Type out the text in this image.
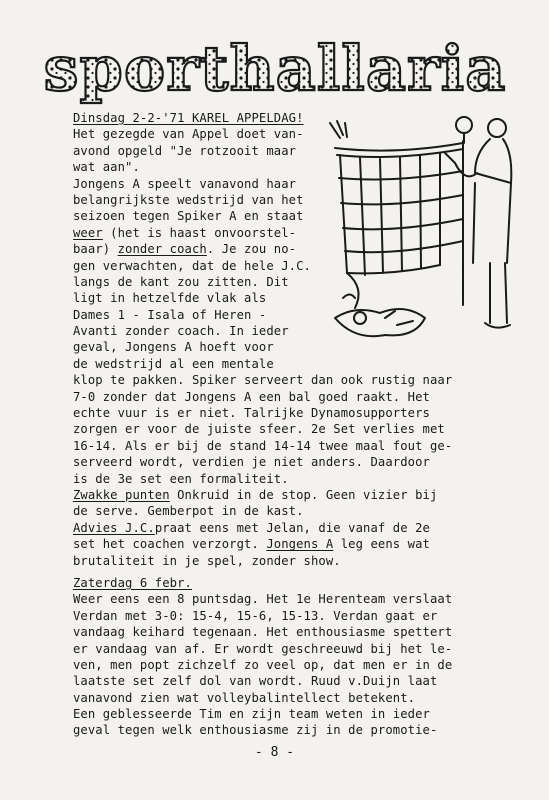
sporthallaria
Dinsdag 2-2-'71 KAREL APPELDAG!
Het gezegde van Appel doet van-
avond opgeld "Je rotzooit maar
wat aan".
Jongens A speelt vanavond haar
belangrijkste wedstrijd van het
seizoen tegen Spiker A en staat
weer (het is haast onvoorstel-
baar) zonder coach. Je zou no-
gen verwachten, dat de hele J.C.
langs de kant zou zitten. Dit
ligt in hetzelfde vlak als
Dames 1 - Isala of Heren -
Avanti zonder coach. In ieder
geval, Jongens A hoeft voor
de wedstrijd al een mentale
klop te pakken. Spiker serveert dan ook rustig naar
7-0 zonder dat Jongens A een bal goed raakt. Het
echte vuur is er niet. Talrijke Dynamosupporters
zorgen er voor de juiste sfeer. 2e Set verlies met
16-14. Als er bij de stand 14-14 twee maal fout ge-
serveerd wordt, verdien je niet anders. Daardoor
is de 3e set een formaliteit.
Zwakke punten Onkruid in de stop. Geen vizier bij
de serve. Gemberpot in de kast.
Advies J.C.praat eens met Jelan, die vanaf de 2e
set het coachen verzorgt. Jongens A leg eens wat
brutaliteit in je spel, zonder show.
Zaterdag 6 febr.
Weer eens een 8 puntsdag. Het 1e Herenteam verslaat
Verdan met 3-0: 15-4, 15-6, 15-13. Verdan gaat er
vandaag keihard tegenaan. Het enthousiasme spettert
er vandaag van af. Er wordt geschreeuwd bij het le-
ven, men popt zichzelf zo veel op, dat men er in de
laatste set zelf dol van wordt. Ruud v.Duijn laat
vanavond zien wat volleybalintellect betekent.
Een geblesseerde Tim en zijn team weten in ieder
geval tegen welk enthousiasme zij in de promotie-
- 8 -
